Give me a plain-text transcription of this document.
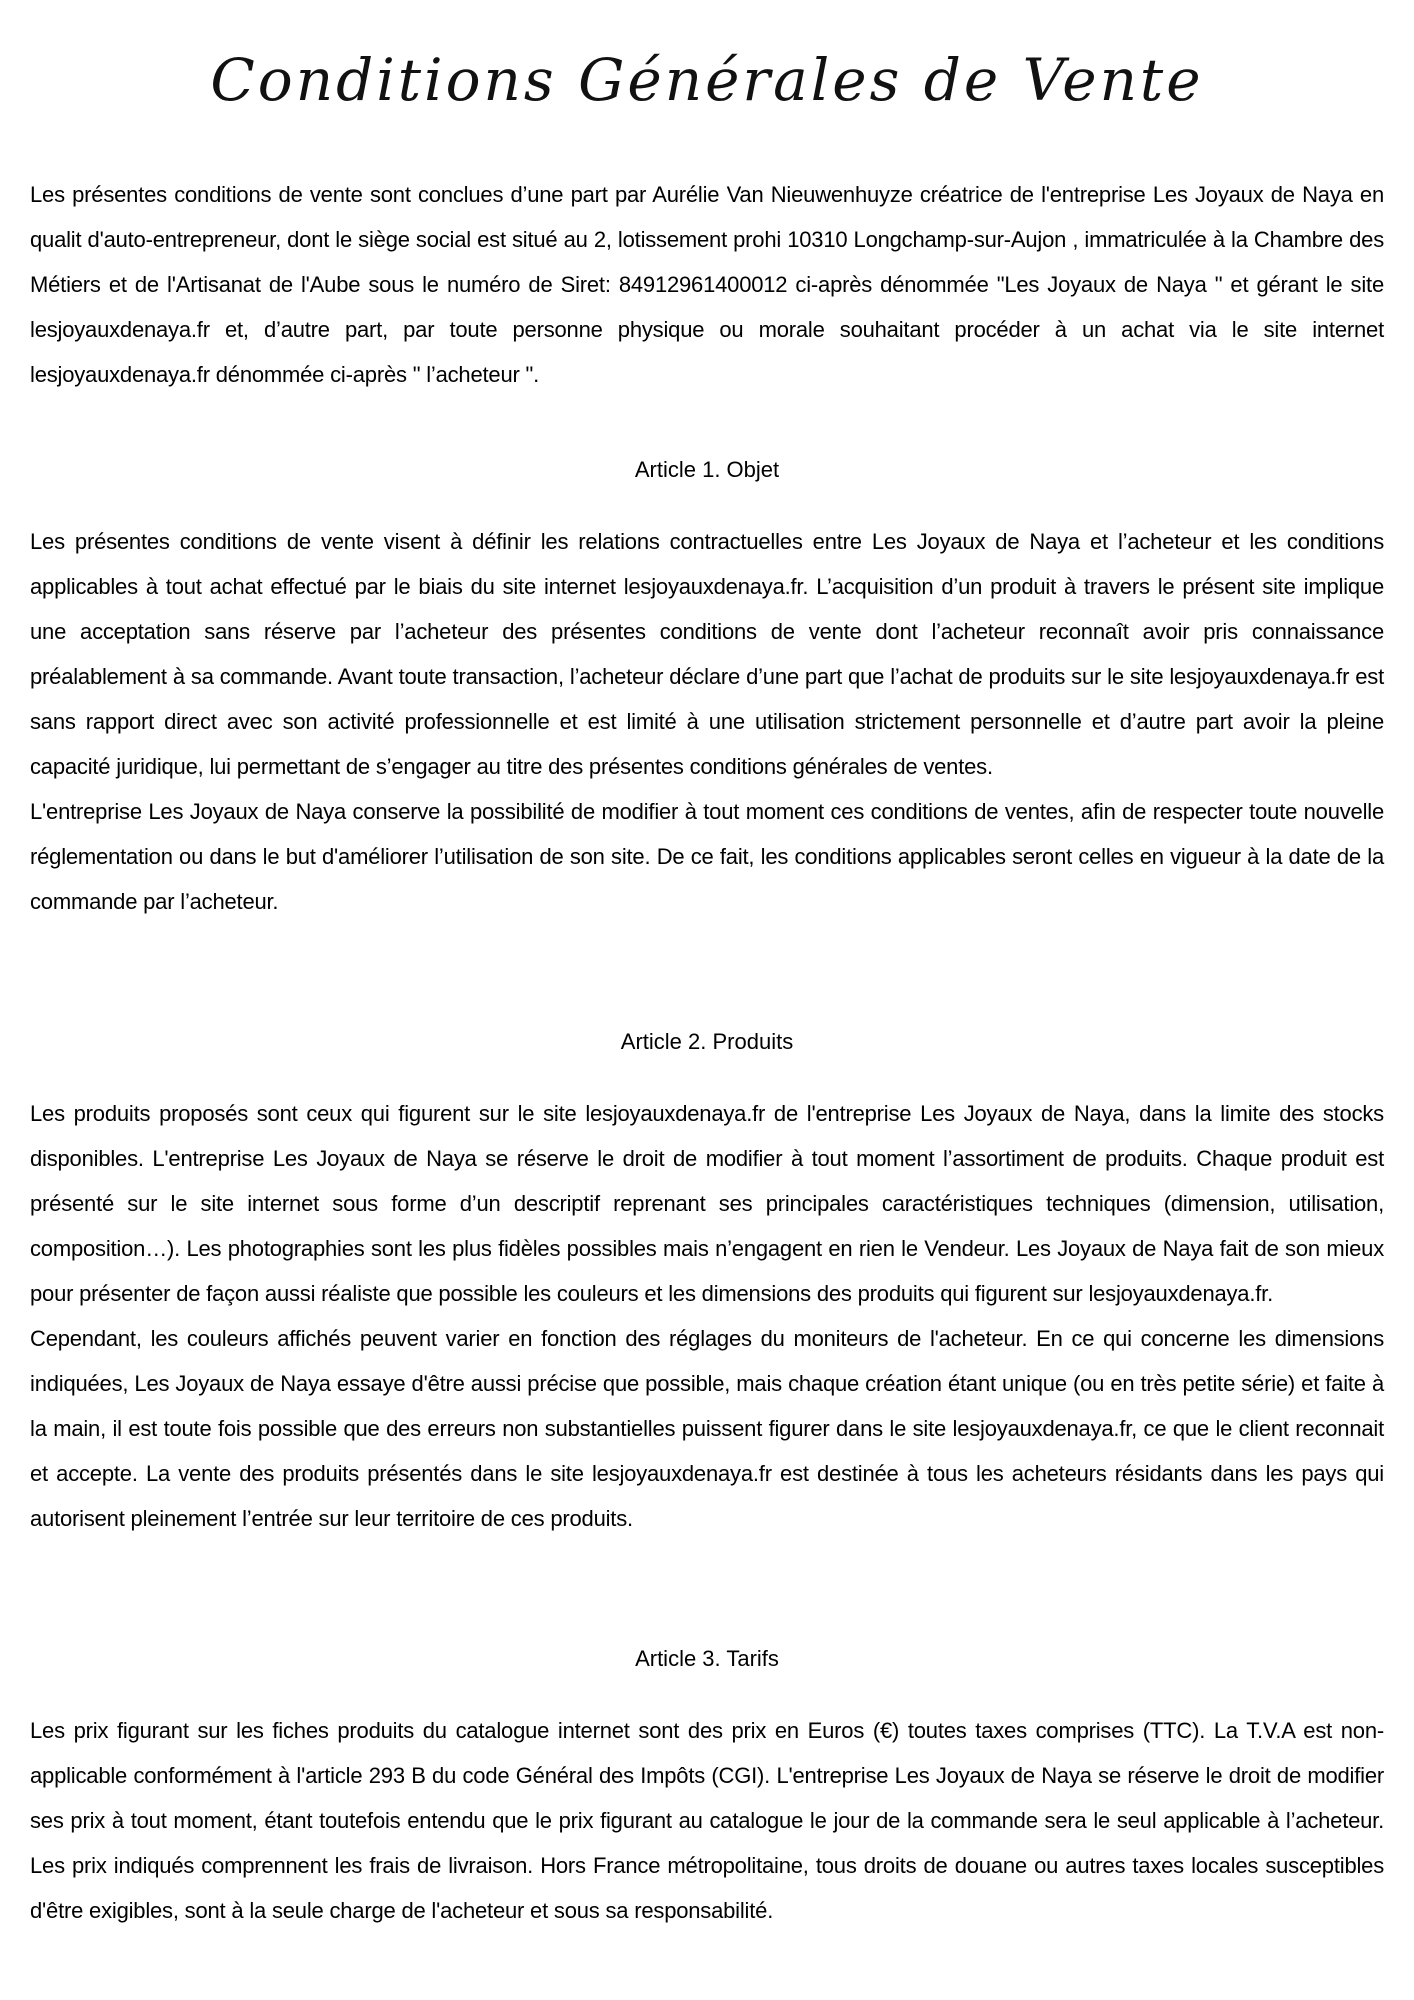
Conditions Générales de Vente

Les présentes conditions de vente sont conclues d’une part par Aurélie Van Nieuwenhuyze créatrice de l'entreprise Les Joyaux de Naya en qualit d'auto-entrepreneur, dont le siège social est situé au 2, lotissement prohi 10310 Longchamp-sur-Aujon , immatriculée à la Chambre des Métiers et de l'Artisanat de l'Aube sous le numéro de Siret: 84912961400012 ci-après dénommée "Les Joyaux de Naya " et gérant le site lesjoyauxdenaya.fr et, d’autre part, par toute personne physique ou morale souhaitant procéder à un achat via le site internet lesjoyauxdenaya.fr dénommée ci-après " l’acheteur ".

Article 1. Objet

Les présentes conditions de vente visent à définir les relations contractuelles entre Les Joyaux de Naya et l’acheteur et les conditions applicables à tout achat effectué par le biais du site internet lesjoyauxdenaya.fr. L’acquisition d’un produit à travers le présent site implique une acceptation sans réserve par l’acheteur des présentes conditions de vente dont l’acheteur reconnaît avoir pris connaissance préalablement à sa commande. Avant toute transaction, l’acheteur déclare d’une part que l’achat de produits sur le site lesjoyauxdenaya.fr est sans rapport direct avec son activité professionnelle et est limité à une utilisation strictement personnelle et d’autre part avoir la pleine capacité juridique, lui permettant de s’engager au titre des présentes conditions générales de ventes.

L'entreprise Les Joyaux de Naya conserve la possibilité de modifier à tout moment ces conditions de ventes, afin de respecter toute nouvelle réglementation ou dans le but d'améliorer l’utilisation de son site. De ce fait, les conditions applicables seront celles en vigueur à la date de la commande par l’acheteur.

Article 2. Produits

Les produits proposés sont ceux qui figurent sur le site lesjoyauxdenaya.fr de l'entreprise Les Joyaux de Naya, dans la limite des stocks disponibles. L'entreprise Les Joyaux de Naya se réserve le droit de modifier à tout moment l’assortiment de produits. Chaque produit est présenté sur le site internet sous forme d’un descriptif reprenant ses principales caractéristiques techniques (dimension, utilisation, composition…). Les photographies sont les plus fidèles possibles mais n’engagent en rien le Vendeur. Les Joyaux de Naya fait de son mieux pour présenter de façon aussi réaliste que possible les couleurs et les dimensions des produits qui figurent sur lesjoyauxdenaya.fr.

Cependant, les couleurs affichés peuvent varier en fonction des réglages du moniteurs de l'acheteur. En ce qui concerne les dimensions indiquées, Les Joyaux de Naya essaye d'être aussi précise que possible, mais chaque création étant unique (ou en très petite série) et faite à la main, il est toute fois possible que des erreurs non substantielles puissent figurer dans le site lesjoyauxdenaya.fr, ce que le client reconnait et accepte. La vente des produits présentés dans le site lesjoyauxdenaya.fr est destinée à tous les acheteurs résidants dans les pays qui autorisent pleinement l’entrée sur leur territoire de ces produits.

Article 3. Tarifs

Les prix figurant sur les fiches produits du catalogue internet sont des prix en Euros (€) toutes taxes comprises (TTC). La T.V.A est non-applicable conformément à l'article 293 B du code Général des Impôts (CGI). L'entreprise Les Joyaux de Naya se réserve le droit de modifier ses prix à tout moment, étant toutefois entendu que le prix figurant au catalogue le jour de la commande sera le seul applicable à l’acheteur. Les prix indiqués comprennent les frais de livraison. Hors France métropolitaine, tous droits de douane ou autres taxes locales susceptibles d'être exigibles, sont à la seule charge de l'acheteur et sous sa responsabilité.
